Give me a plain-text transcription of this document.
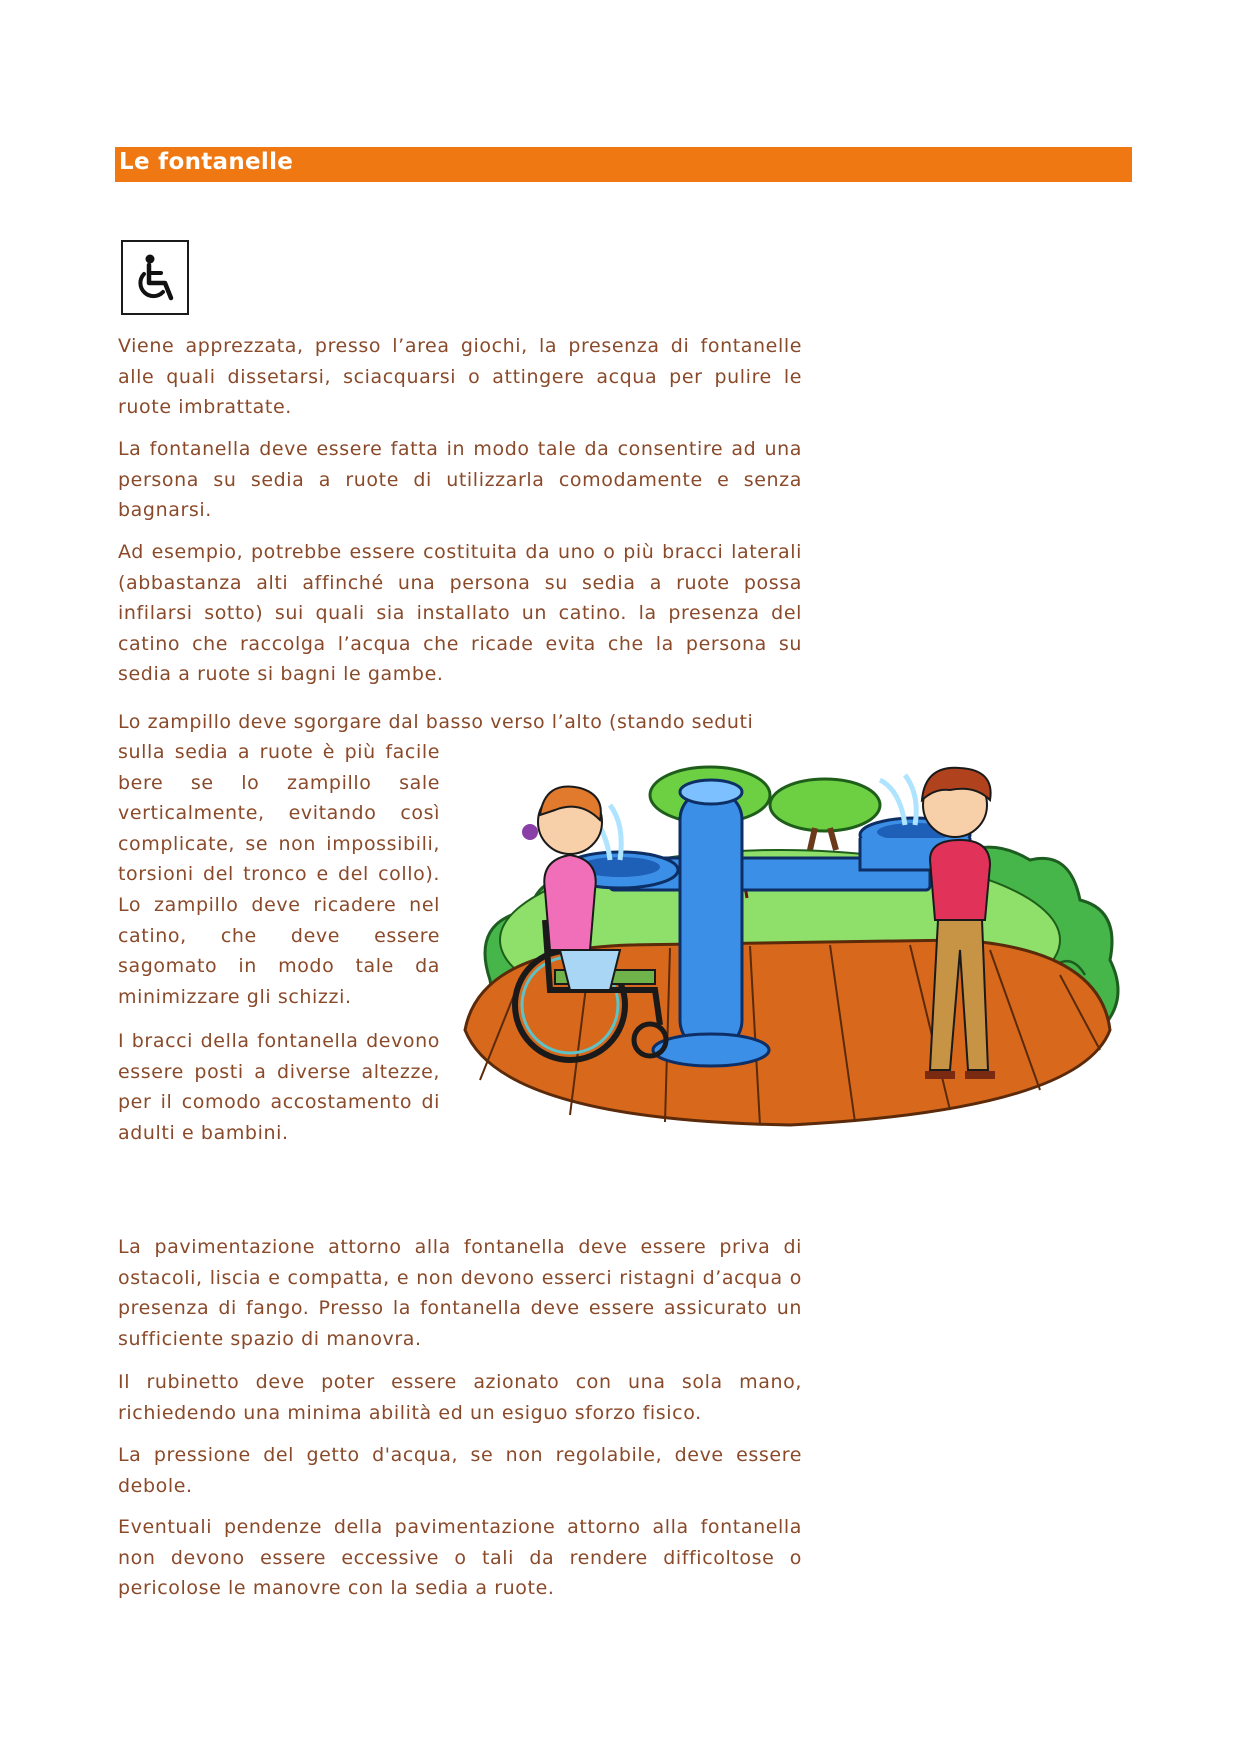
Le fontanelle

Viene apprezzata, presso l’area giochi, la presenza di fontanelle alle quali dissetarsi, sciacquarsi o attingere acqua per pulire le ruote imbrattate.

La fontanella deve essere fatta in modo tale da consentire ad una persona su sedia a ruote di utilizzarla comodamente e senza bagnarsi.

Ad esempio, potrebbe essere costituita da uno o più bracci laterali (abbastanza alti affinché una persona su sedia a ruote possa infilarsi sotto) sui quali sia installato un catino. la presenza del catino che raccolga l’acqua che ricade evita che la persona su sedia a ruote si bagni le gambe.

Lo zampillo deve sgorgare dal basso verso l’alto (stando seduti

sulla sedia a ruote è più facile bere se lo zampillo sale verticalmente, evitando così complicate, se non impossibili, torsioni del tronco e del collo). Lo zampillo deve ricadere nel catino, che deve essere sagomato in modo tale da minimizzare gli schizzi.

I bracci della fontanella devono essere posti a diverse altezze, per il comodo accostamento di adulti e bambini.

La pavimentazione attorno alla fontanella deve essere priva di ostacoli, liscia e compatta, e non devono esserci ristagni d’acqua o presenza di fango. Presso la fontanella deve essere assicurato un sufficiente spazio di manovra.

Il rubinetto deve poter essere azionato con una sola mano, richiedendo una minima abilità ed un esiguo sforzo fisico.

La pressione del getto d'acqua, se non regolabile, deve essere debole.

Eventuali pendenze della pavimentazione attorno alla fontanella non devono essere eccessive o tali da rendere difficoltose o pericolose le manovre con la sedia a ruote.
